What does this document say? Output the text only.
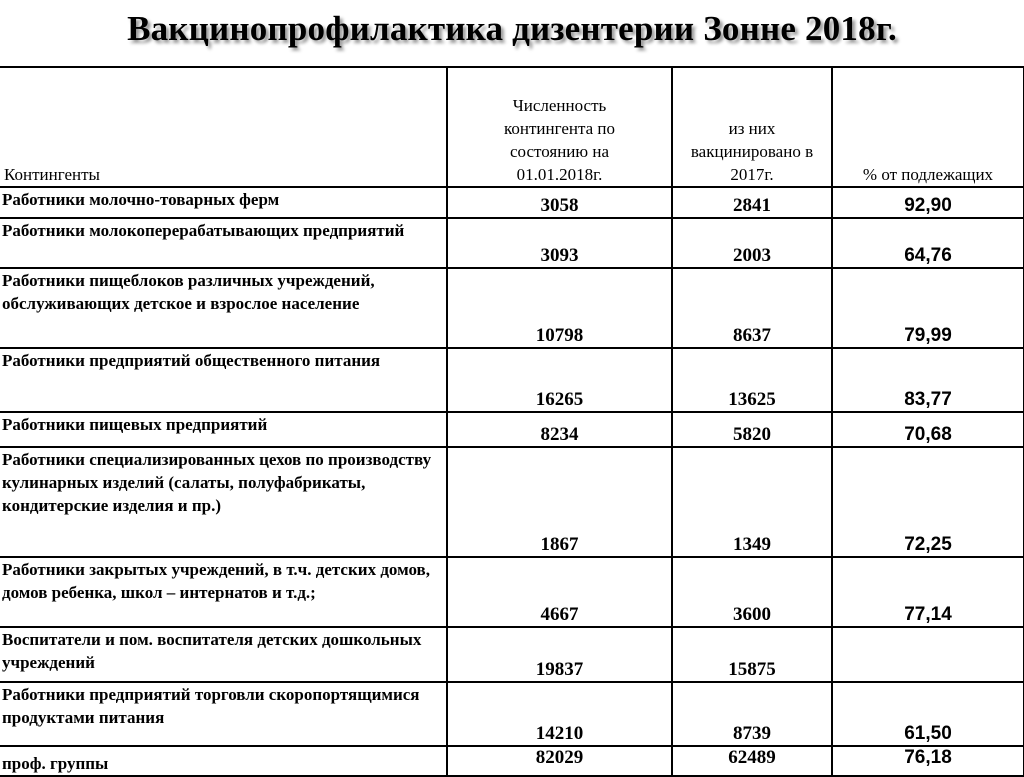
Вакцинопрофилактика дизентерии Зонне 2018г.
Контингенты	Численность контингента по состоянию на 01.01.2018г.	из них вакцинировано в 2017г.	% от подлежащих

Работники молочно-товарных ферм	3058	2841	92,90
Работники молокоперерабатывающих предприятий	3093	2003	64,76
Работники пищеблоков различных учреждений, обслуживающих детское и взрослое население	10798	8637	79,99
Работники предприятий общественного питания	16265	13625	83,77
Работники пищевых предприятий	8234	5820	70,68
Работники специализированных цехов по производству кулинарных изделий (салаты, полуфабрикаты, кондитерские изделия и пр.)	1867	1349	72,25
Работники закрытых учреждений, в т.ч. детских домов, домов ребенка, школ – интернатов и т.д.;	4667	3600	77,14
Воспитатели и пом. воспитателя детских дошкольных учреждений	19837	15875	
Работники предприятий торговли скоропортящимися продуктами питания	14210	8739	61,50
проф. группы	82029	62489	76,18
